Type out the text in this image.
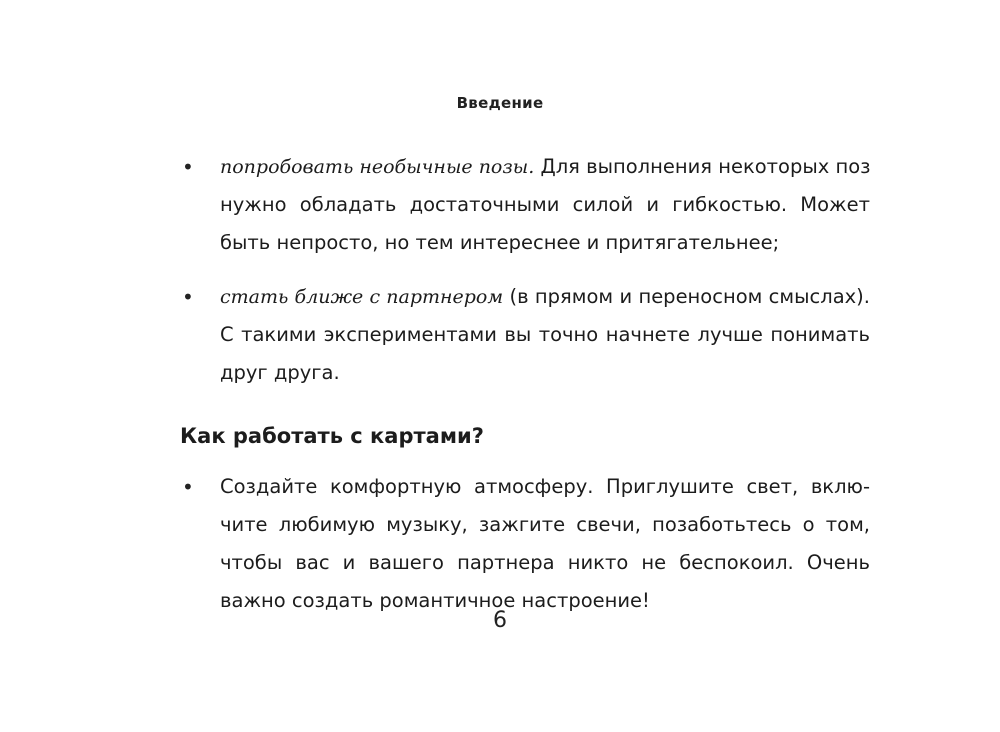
Введение
• попробовать необычные позы. Для выполнения некоторых поз
нужно обладать достаточными силой и гибкостью. Может
быть непросто, но тем интереснее и притягательнее;
• стать ближе с партнером (в прямом и переносном смыслах).
С такими экспериментами вы точно начнете лучше понимать
друг друга.
Как работать с картами?
• Создайте комфортную атмосферу. Приглушите свет, вклю-
чите любимую музыку, зажгите свечи, позаботьтесь о том,
чтобы вас и вашего партнера никто не беспокоил. Очень
важно создать романтичное настроение!
6
